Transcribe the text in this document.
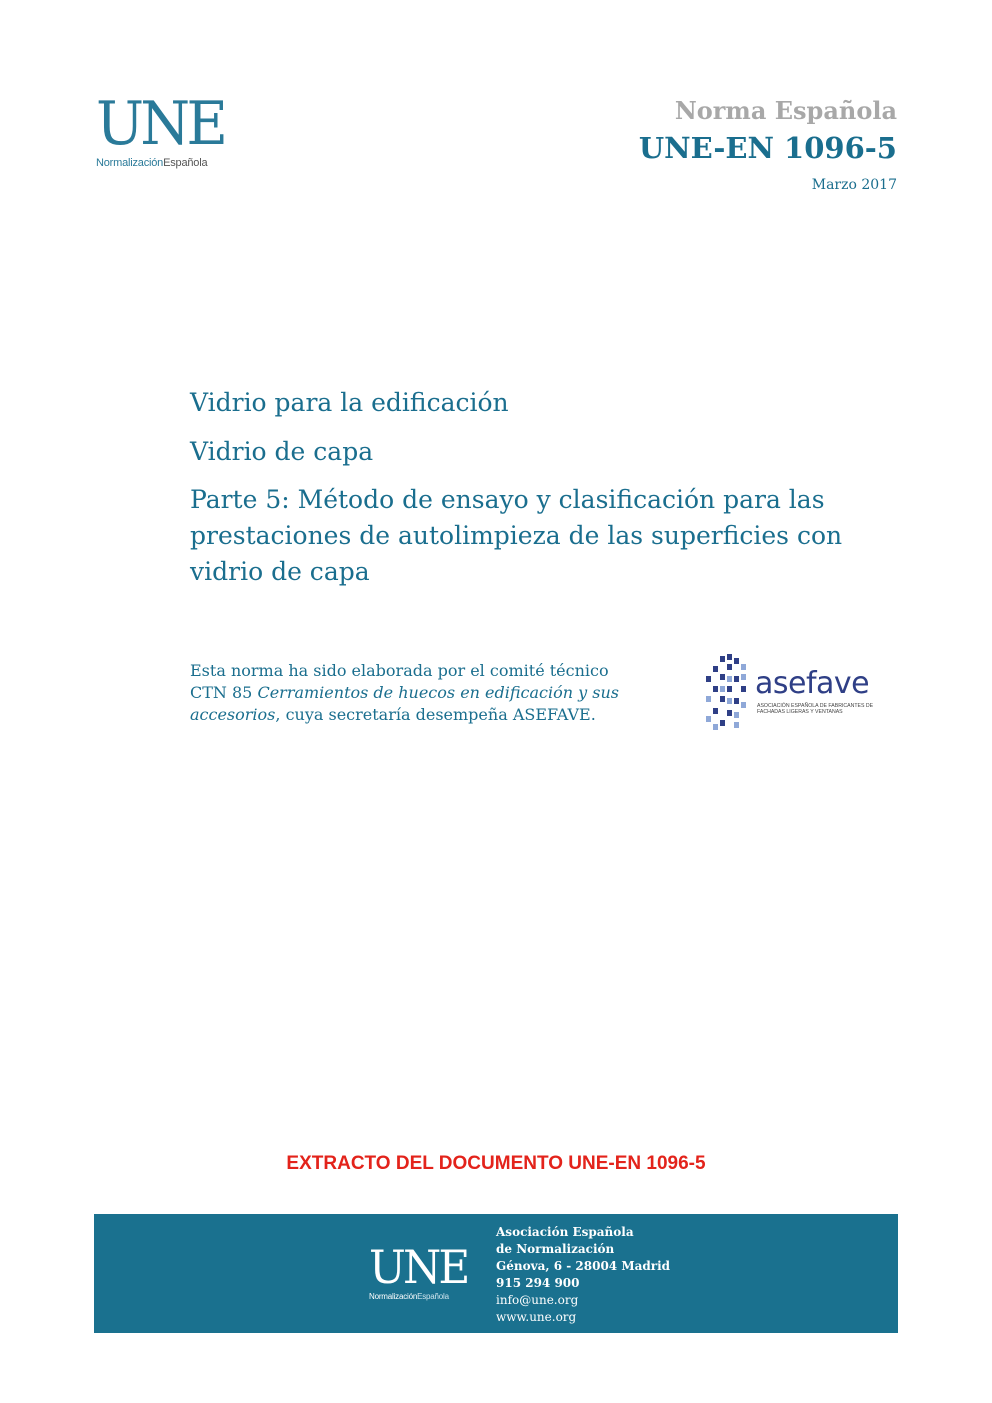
UNE
NormalizaciónEspañola
Norma Española
UNE-EN 1096-5
Marzo 2017
Vidrio para la edificación
Vidrio de capa
Parte 5: Método de ensayo y clasificación para las prestaciones de autolimpieza de las superficies con vidrio de capa
Esta norma ha sido elaborada por el comité técnico CTN 85 Cerramientos de huecos en edificación y sus accesorios, cuya secretaría desempeña ASEFAVE.
asefave
ASOCIACIÓN ESPAÑOLA DE FABRICANTES DE FACHADAS LIGERAS Y VENTANAS
EXTRACTO DEL DOCUMENTO UNE-EN 1096-5
UNE
NormalizaciónEspañola
Asociación Española
de Normalización
Génova, 6 - 28004 Madrid
915 294 900
info@une.org
www.une.org
